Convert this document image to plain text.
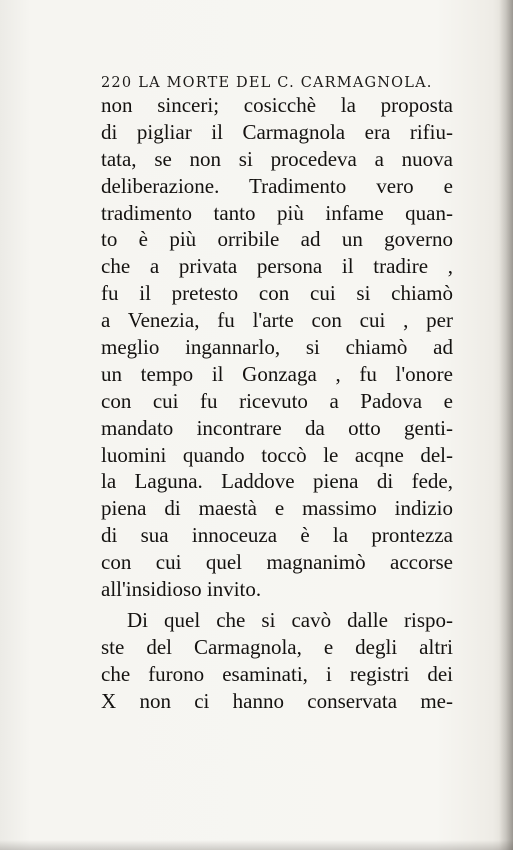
220 LA MORTE DEL C. CARMAGNOLA.
non sinceri; cosicchè la proposta
di pigliar il Carmagnola era rifiu-
tata, se non si procedeva a nuova
deliberazione. Tradimento vero e
tradimento tanto più infame quan-
to è più orribile ad un governo
che a privata persona il tradire ,
fu il pretesto con cui si chiamò
a Venezia, fu l'arte con cui , per
meglio ingannarlo, si chiamò ad
un tempo il Gonzaga , fu l'onore
con cui fu ricevuto a Padova e
mandato incontrare da otto genti-
luomini quando toccò le acqne del-
la Laguna. Laddove piena di fede,
piena di maestà e massimo indizio
di sua innoceuza è la prontezza
con cui quel magnanimò accorse
all'insidioso invito.
Di quel che si cavò dalle rispo-
ste del Carmagnola, e degli altri
che furono esaminati, i registri dei
X non ci hanno conservata me-
